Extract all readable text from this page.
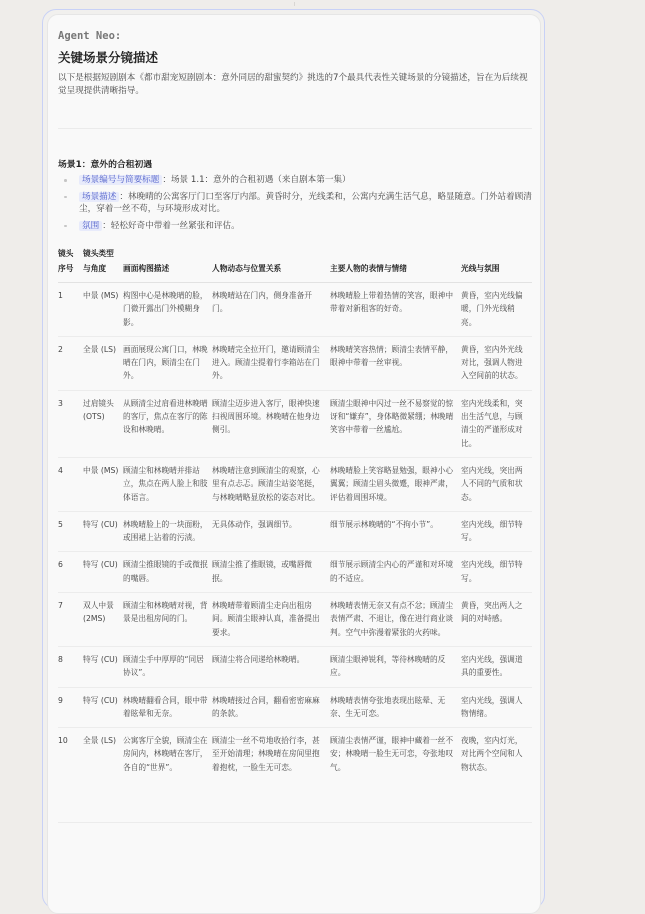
Agent Neo:
关键场景分镜描述
以下是根据短剧剧本《都市甜宠短剧剧本：意外同居的甜蜜契约》挑选的7个最具代表性关键场景的分镜描述，旨在为后续视觉呈现提供清晰指导。
场景1：意外的合租初遇
场景编号与简要标题 ：场景 1.1：意外的合租初遇（来自剧本第一集）
场景描述 ：林晚晴的公寓客厅门口至客厅内部。黄昏时分，光线柔和，公寓内充满生活气息，略显随意。门外站着顾清尘，穿着一丝不苟，与环境形成对比。
氛围 ：轻松好奇中带着一丝紧张和评估。
镜头序号	镜头类型与角度	画面构图描述	人物动态与位置关系	主要人物的表情与情绪	光线与氛围
1	中景 (MS)	构图中心是林晚晴的脸，门微开露出门外模糊身影。	林晚晴站在门内，侧身准备开门。	林晚晴脸上带着热情的笑容，眼神中带着对新租客的好奇。	黄昏，室内光线偏暖，门外光线稍亮。
2	全景 (LS)	画面展现公寓门口，林晚晴在门内，顾清尘在门外。	林晚晴完全拉开门，邀请顾清尘进入。顾清尘提着行李箱站在门外。	林晚晴笑容热情；顾清尘表情平静，眼神中带着一丝审视。	黄昏，室内外光线对比，强调人物进入空间前的状态。
3	过肩镜头 (OTS)	从顾清尘过肩看进林晚晴的客厅，焦点在客厅的陈设和林晚晴。	顾清尘迈步进入客厅，眼神快速扫视周围环境。林晚晴在他身边侧引。	顾清尘眼神中闪过一丝不易察觉的惊讶和“嫌弃”，身体略微紧绷；林晚晴笑容中带着一丝尴尬。	室内光线柔和，突出生活气息，与顾清尘的严谨形成对比。
4	中景 (MS)	顾清尘和林晚晴并排站立，焦点在两人脸上和肢体语言。	林晚晴注意到顾清尘的观察，心里有点忐忑。顾清尘站姿笔挺，与林晚晴略显放松的姿态对比。	林晚晴脸上笑容略显勉强，眼神小心翼翼；顾清尘眉头微蹙，眼神严肃，评估着周围环境。	室内光线，突出两人不同的气质和状态。
5	特写 (CU)	林晚晴脸上的一块面粉，或围裙上沾着的污渍。	无具体动作，强调细节。	细节展示林晚晴的“不拘小节”。	室内光线，细节特写。
6	特写 (CU)	顾清尘推眼镜的手或微抿的嘴唇。	顾清尘推了推眼镜，或嘴唇微抿。	细节展示顾清尘内心的严谨和对环境的不适应。	室内光线，细节特写。
7	双人中景 (2MS)	顾清尘和林晚晴对视，背景是出租房间的门。	林晚晴带着顾清尘走向出租房间。顾清尘眼神认真，准备提出要求。	林晚晴表情无奈又有点不忿；顾清尘表情严肃、不退让，像在进行商业谈判。空气中弥漫着紧张的火药味。	黄昏，突出两人之间的对峙感。
8	特写 (CU)	顾清尘手中厚厚的“同居协议”。	顾清尘将合同递给林晚晴。	顾清尘眼神锐利，等待林晚晴的反应。	室内光线，强调道具的重要性。
9	特写 (CU)	林晚晴翻看合同，眼中带着眩晕和无奈。	林晚晴接过合同，翻看密密麻麻的条款。	林晚晴表情夸张地表现出眩晕、无奈、生无可恋。	室内光线，强调人物情绪。
10	全景 (LS)	公寓客厅全貌，顾清尘在房间内，林晚晴在客厅，各自的“世界”。	顾清尘一丝不苟地收拾行李，甚至开始清理；林晚晴在房间里抱着抱枕，一脸生无可恋。	顾清尘表情严谨，眼神中藏着一丝不安；林晚晴一脸生无可恋，夸张地叹气。	夜晚，室内灯光，对比两个空间和人物状态。
